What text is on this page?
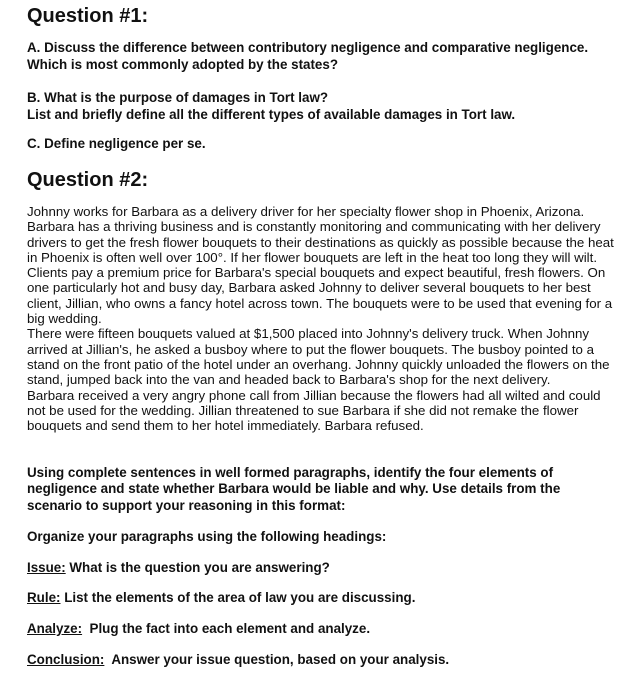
Question #1:

A. Discuss the difference between contributory negligence and comparative negligence.
Which is most commonly adopted by the states?

B. What is the purpose of damages in Tort law?
List and briefly define all the different types of available damages in Tort law.

C. Define negligence per se.

Question #2:

Johnny works for Barbara as a delivery driver for her specialty flower shop in Phoenix, Arizona. Barbara has a thriving business and is constantly monitoring and communicating with her delivery drivers to get the fresh flower bouquets to their destinations as quickly as possible because the heat in Phoenix is often well over 100°. If her flower bouquets are left in the heat too long they will wilt.

Clients pay a premium price for Barbara's special bouquets and expect beautiful, fresh flowers. On one particularly hot and busy day, Barbara asked Johnny to deliver several bouquets to her best client, Jillian, who owns a fancy hotel across town. The bouquets were to be used that evening for a big wedding.

There were fifteen bouquets valued at $1,500 placed into Johnny's delivery truck. When Johnny arrived at Jillian's, he asked a busboy where to put the flower bouquets. The busboy pointed to a stand on the front patio of the hotel under an overhang. Johnny quickly unloaded the flowers on the stand, jumped back into the van and headed back to Barbara's shop for the next delivery.

Barbara received a very angry phone call from Jillian because the flowers had all wilted and could not be used for the wedding. Jillian threatened to sue Barbara if she did not remake the flower bouquets and send them to her hotel immediately. Barbara refused.

Using complete sentences in well formed paragraphs, identify the four elements of negligence and state whether Barbara would be liable and why. Use details from the scenario to support your reasoning in this format:

Organize your paragraphs using the following headings:

Issue: What is the question you are answering?

Rule: List the elements of the area of law you are discussing.

Analyze:  Plug the fact into each element and analyze.

Conclusion:  Answer your issue question, based on your analysis.
